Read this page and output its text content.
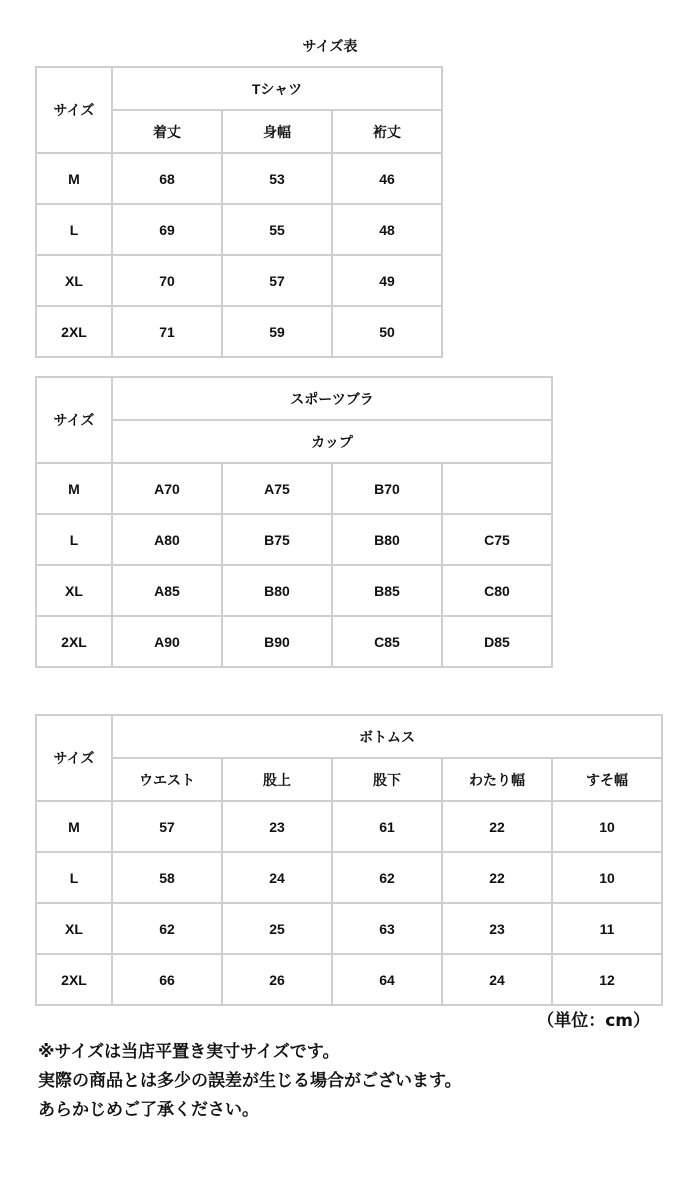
サイズ表
サイズ	Tシャツ		
	着丈	身幅	裄丈
M	68	53	46
L	69	55	48
XL	70	57	49
2XL	71	59	50
サイズ	スポーツブラ			
	カップ			
M	A70	A75	B70	
L	A80	B75	B80	C75
XL	A85	B80	B85	C80
2XL	A90	B90	C85	D85
サイズ	ボトムス				
	ウエスト	股上	股下	わたり幅	すそ幅
M	57	23	61	22	10
L	58	24	62	22	10
XL	62	25	63	23	11
2XL	66	26	64	24	12
（単位：cm）
※サイズは当店平置き実寸サイズです。
実際の商品とは多少の誤差が生じる場合がございます。
あらかじめご了承ください。
